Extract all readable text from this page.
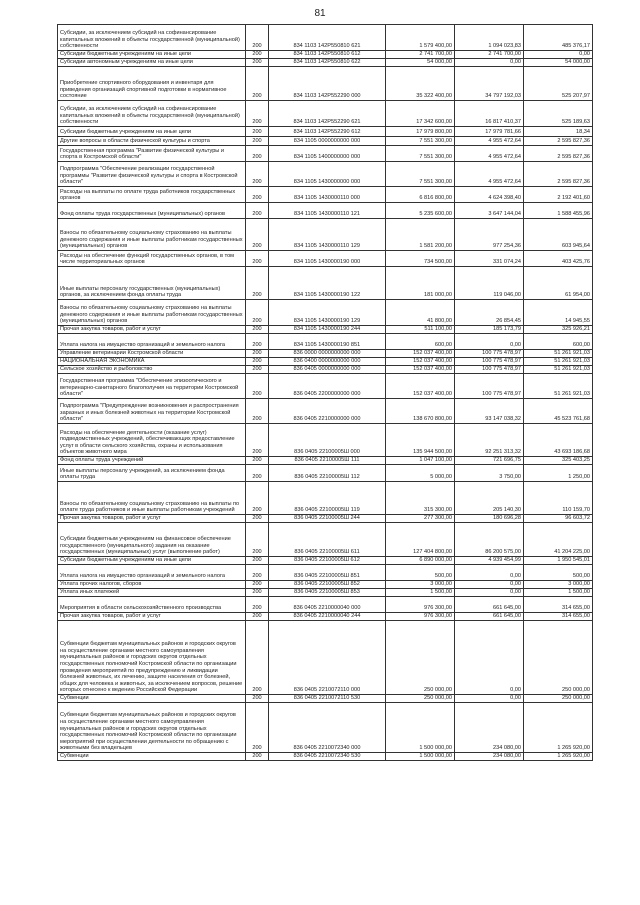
81
Субсидии, за исключением субсидий на софинансирование капитальных вложений в объекты государственной (муниципальной) собственности	200	834 1103 142P550810 621	1 579 400,00	1 094 023,83	485 376,17
Субсидии бюджетным учреждениям на иные цели	200	834 1103 142P550810 612	2 741 700,00	2 741 700,00	0,00
Субсидии автономным учреждениям на иные цели	200	834 1103 142P550810 622	54 000,00	0,00	54 000,00
Приобретение спортивного оборудования и инвентаря для приведения организаций спортивной подготовки в нормативное состояние	200	834 1103 142P552290 000	35 322 400,00	34 797 192,03	525 207,97
Субсидии, за исключением субсидий на софинансирование капитальных вложений в объекты государственной (муниципальной) собственности	200	834 1103 142P552290 621	17 342 600,00	16 817 410,37	525 189,63
Субсидии бюджетным учреждениям на иные цели	200	834 1103 142P552290 612	17 979 800,00	17 979 781,66	18,34
Другие вопросы в области физической культуры и спорта	200	834 1105 0000000000 000	7 551 300,00	4 955 472,64	2 595 827,36
Государственная программа "Развитие физической культуры и спорта в Костромской области"	200	834 1105 1400000000 000	7 551 300,00	4 955 472,64	2 595 827,36
Подпрограмма "Обеспечение реализации государственной программы "Развитие физической культуры и спорта в Костромской области"	200	834 1105 1430000000 000	7 551 300,00	4 955 472,64	2 595 827,36
Расходы на выплаты по оплате труда работников государственных органов	200	834 1105 1430000110 000	6 816 800,00	4 624 398,40	2 192 401,60
Фонд оплаты труда государственных (муниципальных) органов	200	834 1105 1430000110 121	5 235 600,00	3 647 144,04	1 588 455,96
Взносы по обязательному социальному страхованию на выплаты денежного содержания и иные выплаты работникам государственных (муниципальных) органов	200	834 1105 1430000110 129	1 581 200,00	977 254,36	603 945,64
Расходы на обеспечение функций государственных органов, в том числе территориальных органов	200	834 1105 1430000190 000	734 500,00	331 074,24	403 425,76
Иные выплаты персоналу государственных (муниципальных) органов, за исключением фонда оплаты труда	200	834 1105 1430000190 122	181 000,00	119 046,00	61 954,00
Взносы по обязательному социальному страхованию на выплаты денежного содержания и иные выплаты работникам государственных (муниципальных) органов	200	834 1105 1430000190 129	41 800,00	26 854,45	14 945,55
Прочая закупка товаров, работ и услуг	200	834 1105 1430000190 244	511 100,00	185 173,79	325 926,21
Уплата налога на имущество организаций и земельного налога	200	834 1105 1430000190 851	600,00	0,00	600,00
Управление ветеринарии Костромской области	200	836 0000 0000000000 000	152 037 400,00	100 775 478,97	51 261 921,03
НАЦИОНАЛЬНАЯ ЭКОНОМИКА	200	836 0400 0000000000 000	152 037 400,00	100 775 478,97	51 261 921,03
Сельское хозяйство и рыболовство	200	836 0405 0000000000 000	152 037 400,00	100 775 478,97	51 261 921,03
Государственная программа "Обеспечение эпизоотического и ветеринарно-санитарного благополучия на территории Костромской области"	200	836 0405 2200000000 000	152 037 400,00	100 775 478,97	51 261 921,03
Подпрограмма "Предупреждение возникновения и распространения заразных и иных болезней животных на территории Костромской области"	200	836 0405 2210000000 000	138 670 800,00	93 147 038,32	45 523 761,68
Расходы на обеспечение деятельности (оказание услуг) подведомственных учреждений, обеспечивающих предоставление услуг в области сельского хозяйства, охраны и использования объектов животного мира	200	836 0405 22100005Ш 000	135 944 500,00	92 251 313,32	43 693 186,68
Фонд оплаты труда учреждений	200	836 0405 22100005Ш 111	1 047 100,00	721 696,75	325 403,25
Иные выплаты персоналу учреждений, за исключением фонда оплаты труда	200	836 0405 22100005Ш 112	5 000,00	3 750,00	1 250,00
Взносы по обязательному социальному страхованию на выплаты по оплате труда работников и иные выплаты работникам учреждений	200	836 0405 22100005Ш 119	315 300,00	205 140,30	110 159,70
Прочая закупка товаров, работ и услуг	200	836 0405 22100005Ш 244	277 300,00	180 696,28	96 603,72
Субсидии бюджетным учреждениям на финансовое обеспечение государственного (муниципального) задания на оказание государственных (муниципальных) услуг (выполнение работ)	200	836 0405 22100005Ш 611	127 404 800,00	86 200 575,00	41 204 225,00
Субсидии бюджетным учреждениям на иные цели	200	836 0405 22100005Ш 612	6 890 000,00	4 939 454,99	1 950 545,01
Уплата налога на имущество организаций и земельного налога	200	836 0405 22100005Ш 851	500,00	0,00	500,00
Уплата прочих налогов, сборов	200	836 0405 22100005Ш 852	3 000,00	0,00	3 000,00
Уплата иных платежей	200	836 0405 22100005Ш 853	1 500,00	0,00	1 500,00
Мероприятия в области сельскохозяйственного производства	200	836 0405 2210000040 000	976 300,00	661 645,00	314 655,00
Прочая закупка товаров, работ и услуг	200	836 0405 2210000040 244	976 300,00	661 645,00	314 655,00
Субвенции бюджетам муниципальных районов и городских округов на осуществление органами местного самоуправления муниципальных районов и городских округов отдельных государственных полномочий Костромской области по организации проведения мероприятий по предупреждению и ликвидации болезней животных, их лечению, защите населения от болезней, общих для человека и животных, за исключением вопросов, решение которых отнесено к ведению Российской Федерации	200	836 0405 2210072110 000	250 000,00	0,00	250 000,00
Субвенции	200	836 0405 2210072110 530	250 000,00	0,00	250 000,00
Субвенции бюджетам муниципальных районов и городских округов на осуществление органами местного самоуправления муниципальных районов и городских округов отдельных государственных полномочий Костромской области по организации мероприятий при осуществлении деятельности по обращению с животными без владельцев	200	836 0405 2210072340 000	1 500 000,00	234 080,00	1 265 920,00
Субвенции	200	836 0405 2210072340 530	1 500 000,00	234 080,00	1 265 920,00
